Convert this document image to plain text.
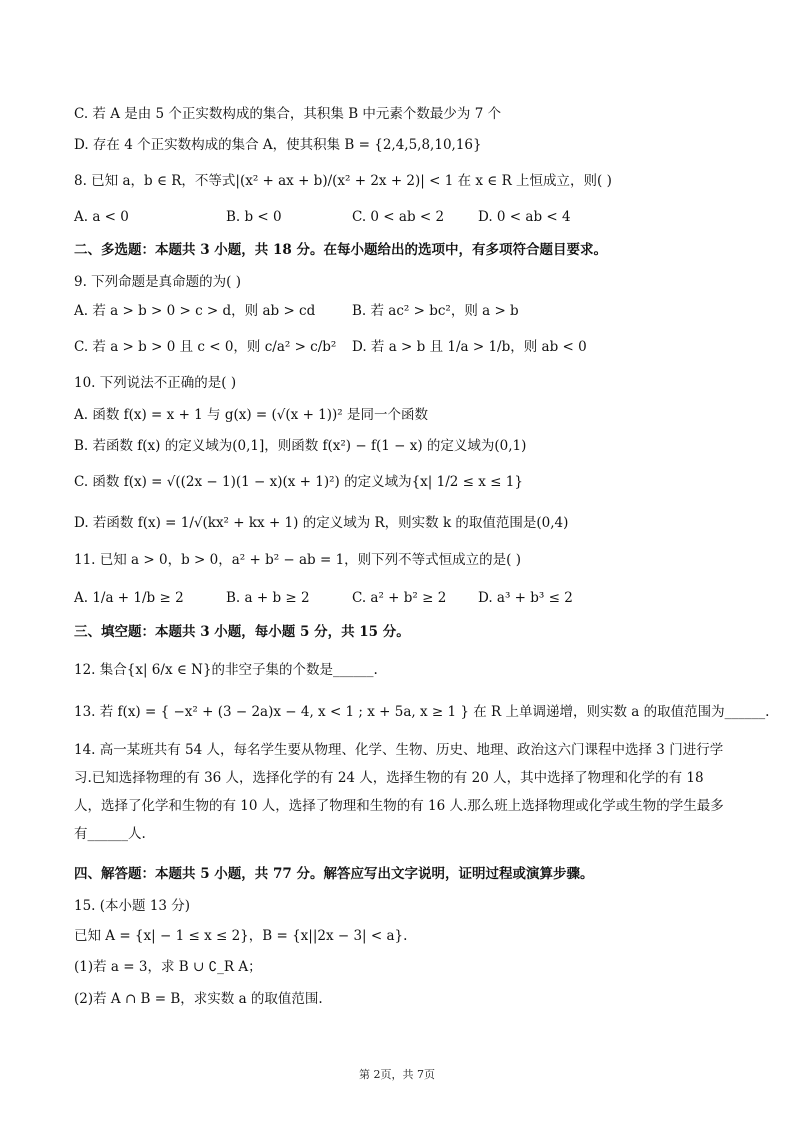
C. 若 A 是由 5 个正实数构成的集合，其积集 B 中元素个数最少为 7 个
D. 存在 4 个正实数构成的集合 A，使其积集 B = {2,4,5,8,10,16}
8. 已知 a，b ∈ R，不等式|(x² + ax + b)/(x² + 2x + 2)| < 1 在 x ∈ R 上恒成立，则( )
A. a < 0	B. b < 0	C. 0 < ab < 2	D. 0 < ab < 4
二、多选题：本题共 3 小题，共 18 分。在每小题给出的选项中，有多项符合题目要求。
9. 下列命题是真命题的为( )
A. 若 a > b > 0 > c > d，则 ab > cd	B. 若 ac² > bc²，则 a > b
C. 若 a > b > 0 且 c < 0，则 c/a² > c/b² D. 若 a > b 且 1/a > 1/b，则 ab < 0
10. 下列说法不正确的是( )
A. 函数 f(x) = x + 1 与 g(x) = (√(x + 1))² 是同一个函数
B. 若函数 f(x) 的定义域为(0,1]，则函数 f(x²) − f(1 − x) 的定义域为(0,1)
C. 函数 f(x) = √((2x − 1)(1 − x)(x + 1)²) 的定义域为{x| 1/2 ≤ x ≤ 1}
D. 若函数 f(x) = 1/√(kx² + kx + 1) 的定义域为 R，则实数 k 的取值范围是(0,4)
11. 已知 a > 0，b > 0，a² + b² − ab = 1，则下列不等式恒成立的是( )
A. 1/a + 1/b ≥ 2	B. a + b ≥ 2	C. a² + b² ≥ 2 D. a³ + b³ ≤ 2
三、填空题：本题共 3 小题，每小题 5 分，共 15 分。
12. 集合{x| 6/x ∈ N}的非空子集的个数是______.
13. 若 f(x) = { −x² + (3 − 2a)x − 4, x < 1 ; x + 5a, x ≥ 1 } 在 R 上单调递增，则实数 a 的取值范围为______.
14. 高一某班共有 54 人，每名学生要从物理、化学、生物、历史、地理、政治这六门课程中选择 3 门进行学习.已知选择物理的有 36 人，选择化学的有 24 人，选择生物的有 20 人，其中选择了物理和化学的有 18 人，选择了化学和生物的有 10 人，选择了物理和生物的有 16 人.那么班上选择物理或化学或生物的学生最多有______人.
四、解答题：本题共 5 小题，共 77 分。解答应写出文字说明，证明过程或演算步骤。
15. (本小题 13 分)
已知 A = {x| − 1 ≤ x ≤ 2}，B = {x||2x − 3| < a}.
(1)若 a = 3，求 B ∪ ∁_R A；
(2)若 A ∩ B = B，求实数 a 的取值范围.
第 2页，共 7页
